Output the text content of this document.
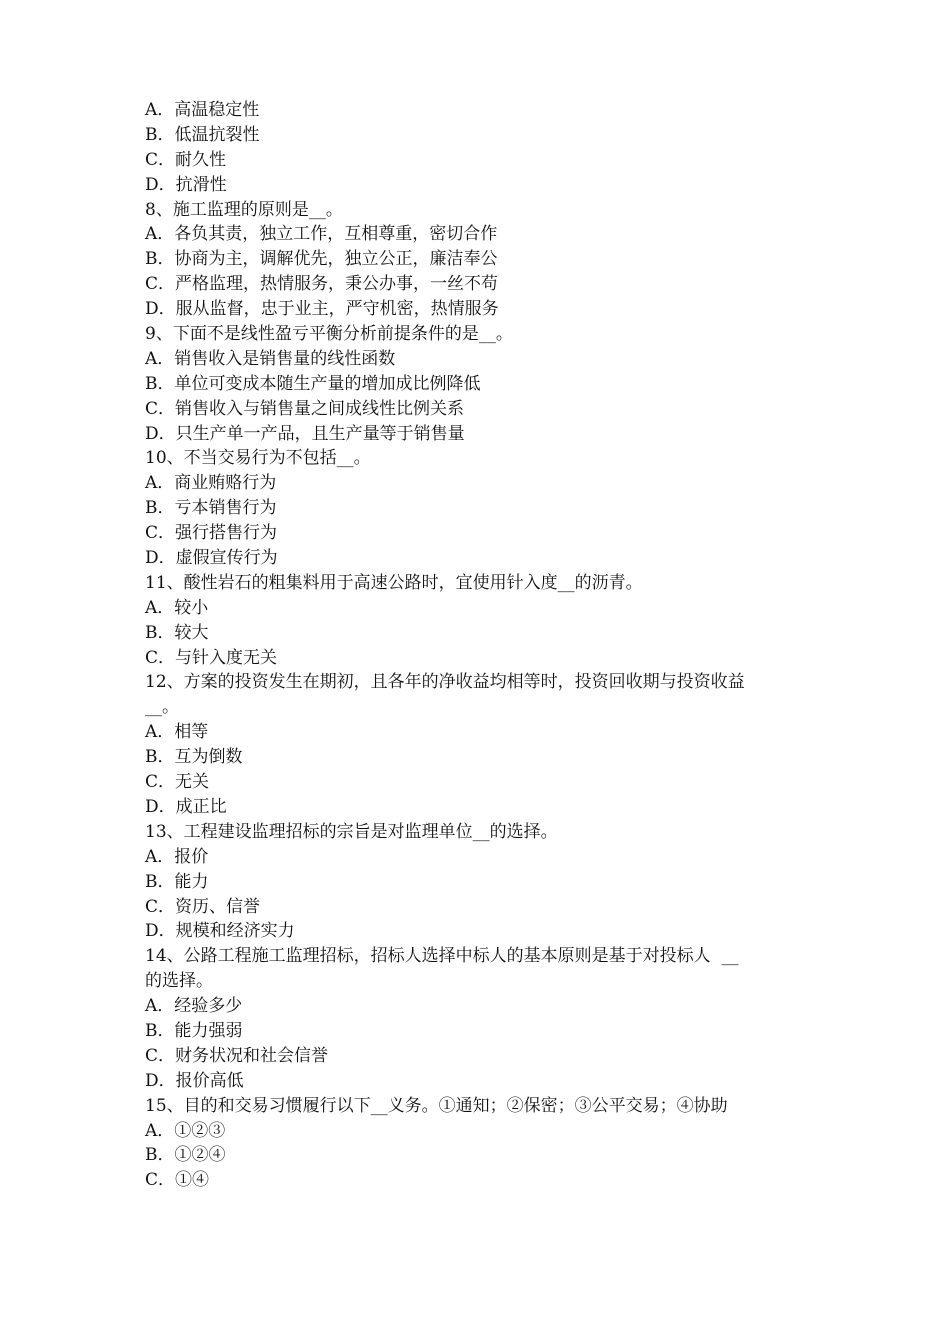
A．高温稳定性

B．低温抗裂性

C．耐久性

D．抗滑性

8、施工监理的原则是__。

A．各负其责，独立工作，互相尊重，密切合作

B．协商为主，调解优先，独立公正，廉洁奉公

C．严格监理，热情服务，秉公办事，一丝不苟

D．服从监督，忠于业主，严守机密，热情服务

9、下面不是线性盈亏平衡分析前提条件的是__。

A．销售收入是销售量的线性函数

B．单位可变成本随生产量的增加成比例降低

C．销售收入与销售量之间成线性比例关系

D．只生产单一产品，且生产量等于销售量

10、不当交易行为不包括__。

A．商业贿赂行为

B．亏本销售行为

C．强行搭售行为

D．虚假宣传行为

11、酸性岩石的粗集料用于高速公路时，宜使用针入度__的沥青。

A．较小

B．较大

C．与针入度无关

12、方案的投资发生在期初，且各年的净收益均相等时，投资回收期与投资收益

__。

A．相等

B．互为倒数

C．无关

D．成正比

13、工程建设监理招标的宗旨是对监理单位__的选择。

A．报价

B．能力

C．资历、信誉

D．规模和经济实力

14、公路工程施工监理招标，招标人选择中标人的基本原则是基于对投标人  __

的选择。

A．经验多少

B．能力强弱

C．财务状况和社会信誉

D．报价高低

15、目的和交易习惯履行以下__义务。①通知；②保密；③公平交易；④协助

A．①②③

B．①②④

C．①④
